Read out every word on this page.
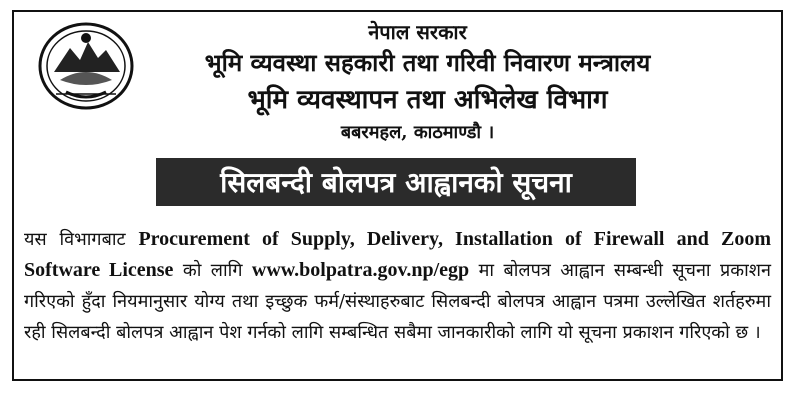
नेपाल सरकार
भूमि व्यवस्था सहकारी तथा गरिवी निवारण मन्त्रालय
भूमि व्यवस्थापन तथा अभिलेख विभाग
बबरमहल, काठमाण्डौ ।
सिलबन्दी बोलपत्र आह्वानको सूचना
यस विभागबाट Procurement of Supply, Delivery, Installation of Firewall and Zoom Software License को लागि www.bolpatra.gov.np/egp मा बोलपत्र आह्वान सम्बन्धी सूचना प्रकाशन गरिएको हुँदा नियमानुसार योग्य तथा इच्छुक फर्म/संस्थाहरुबाट सिलबन्दी बोलपत्र आह्वान पत्रमा उल्लेखित शर्तहरुमा रही सिलबन्दी बोलपत्र आह्वान पेश गर्नको लागि सम्बन्धित सबैमा जानकारीको लागि यो सूचना प्रकाशन गरिएको छ ।
